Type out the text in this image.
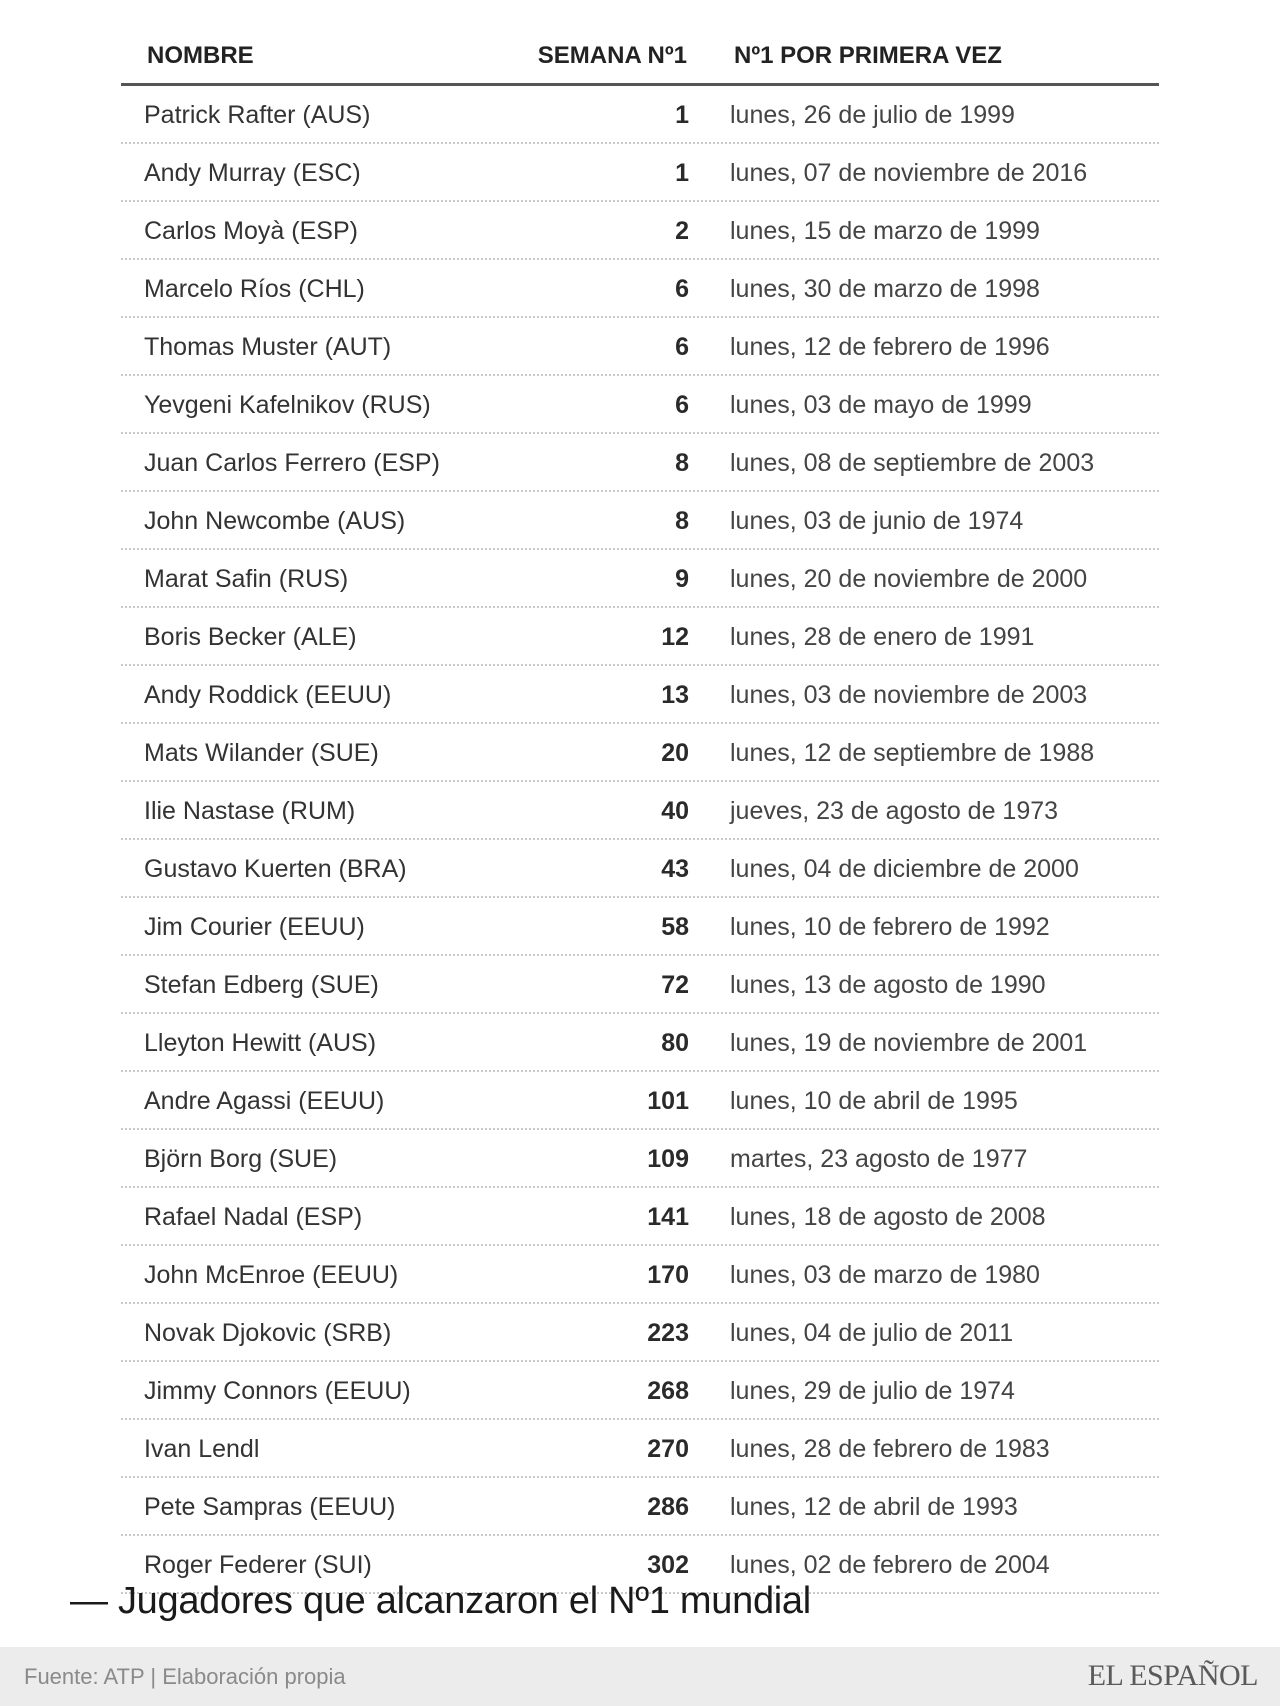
NOMBRE	SEMANA Nº1 Nº1 POR PRIMERA VEZ
Patrick Rafter (AUS)	1 lunes, 26 de julio de 1999
Andy Murray (ESC)	1 lunes, 07 de noviembre de 2016
Carlos Moyà (ESP)	2 lunes, 15 de marzo de 1999
Marcelo Ríos (CHL)	6 lunes, 30 de marzo de 1998
Thomas Muster (AUT)	6 lunes, 12 de febrero de 1996
Yevgeni Kafelnikov (RUS)	6 lunes, 03 de mayo de 1999
Juan Carlos Ferrero (ESP)	8 lunes, 08 de septiembre de 2003
John Newcombe (AUS)	8 lunes, 03 de junio de 1974
Marat Safin (RUS)	9 lunes, 20 de noviembre de 2000
Boris Becker (ALE)	12 lunes, 28 de enero de 1991
Andy Roddick (EEUU)	13 lunes, 03 de noviembre de 2003
Mats Wilander (SUE)	20 lunes, 12 de septiembre de 1988
Ilie Nastase (RUM)	40 jueves, 23 de agosto de 1973
Gustavo Kuerten (BRA)	43 lunes, 04 de diciembre de 2000
Jim Courier (EEUU)	58 lunes, 10 de febrero de 1992
Stefan Edberg (SUE)	72 lunes, 13 de agosto de 1990
Lleyton Hewitt (AUS)	80 lunes, 19 de noviembre de 2001
Andre Agassi (EEUU)	101 lunes, 10 de abril de 1995
Björn Borg (SUE)	109 martes, 23 agosto de 1977
Rafael Nadal (ESP)	141 lunes, 18 de agosto de 2008
John McEnroe (EEUU)	170 lunes, 03 de marzo de 1980
Novak Djokovic (SRB)	223 lunes, 04 de julio de 2011
Jimmy Connors (EEUU)	268 lunes, 29 de julio de 1974
Ivan Lendl	270 lunes, 28 de febrero de 1983
Pete Sampras (EEUU)	286 lunes, 12 de abril de 1993
Roger Federer (SUI)	302 lunes, 02 de febrero de 2004
— Jugadores que alcanzaron el Nº1 mundial
Fuente: ATP | Elaboración propia	EL ESPAÑOL
